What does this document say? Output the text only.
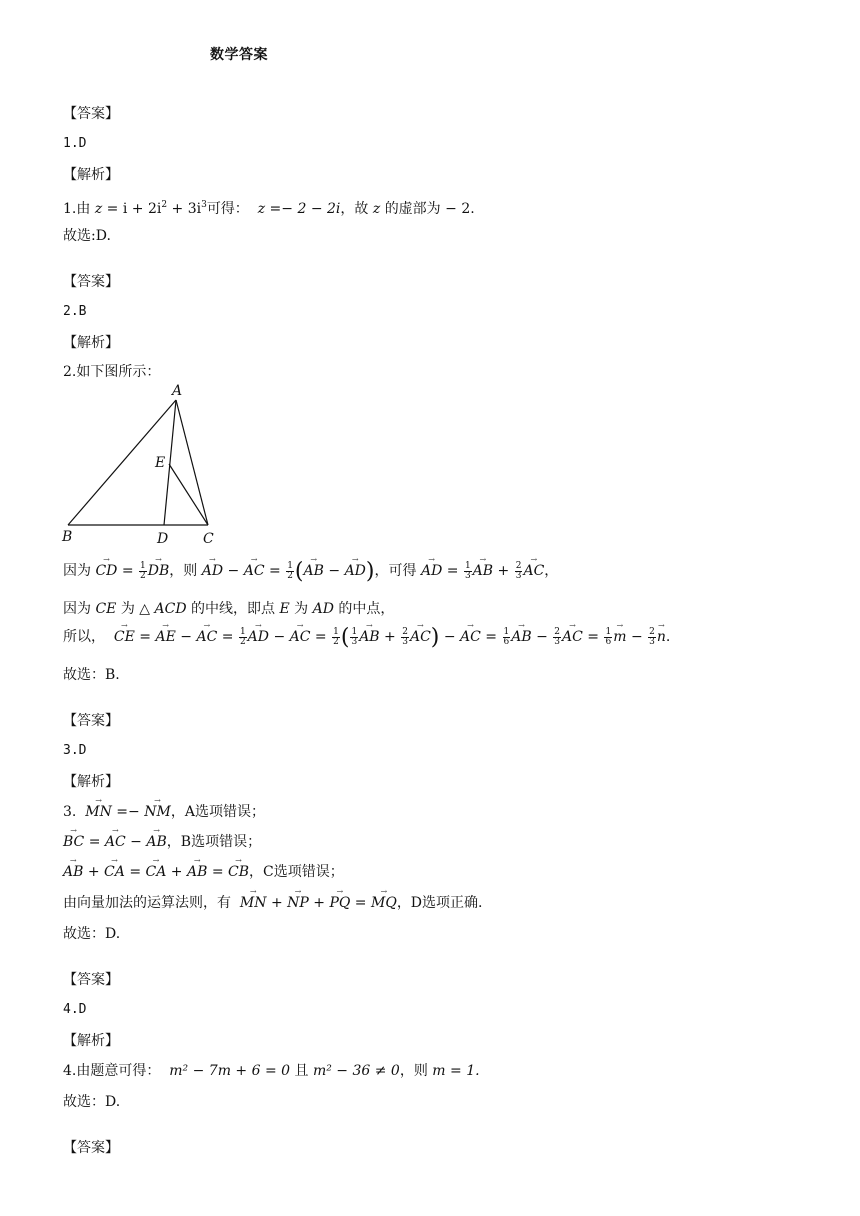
数学答案
【答案】
1.D
【解析】
1.由 $z = i + 2i^2 + 3i^3$可得： z =− 2 − 2i，故 z 的虚部为 − 2.
故选:D.
【答案】
2.B
【解析】
2.如下图所示：
A
B	C
D
E
因为 → CD = $\frac{1}{2}$
→ DB，则 → AD − → AC = $\frac{1}{2}$ (→ AB − → AD)，可得 → AD = $\frac{1}{3}$
→ AB + $\frac{2}{3}$
→ AC，
因为 CE 为 △ ACD 的中线，即点 E 为 AD 的中点，
所以，  → CE = → AE − → AC = $\frac{1}{2}$
→ AD − → AC = $\frac{1}{2}$ ( $\frac{1}{3}$
→ AB + $\frac{2}{3}$
→ AC) − → AC = $\frac{1}{6}$
→ AB − $\frac{2}{3}$
→ AC = $\frac{1}{6}$
→ $m - \frac{2}{3}$
→ n.
故选：B.
【答案】
3.D
【解析】
3.  → MN =− → NM，A选项错误；
→ BC = → AC − → AB，B选项错误；
→ AB + → CA = → CA + → AB = → CB，C选项错误；
由向量加法的运算法则，有  → MN + → NP + → PQ = → MQ，D选项正确.
故选：D.
【答案】
4.D
【解析】
4.由题意可得： m² − 7m + 6 = 0 且 m² − 36 ≠ 0，则 m = 1.
故选：D.
【答案】
